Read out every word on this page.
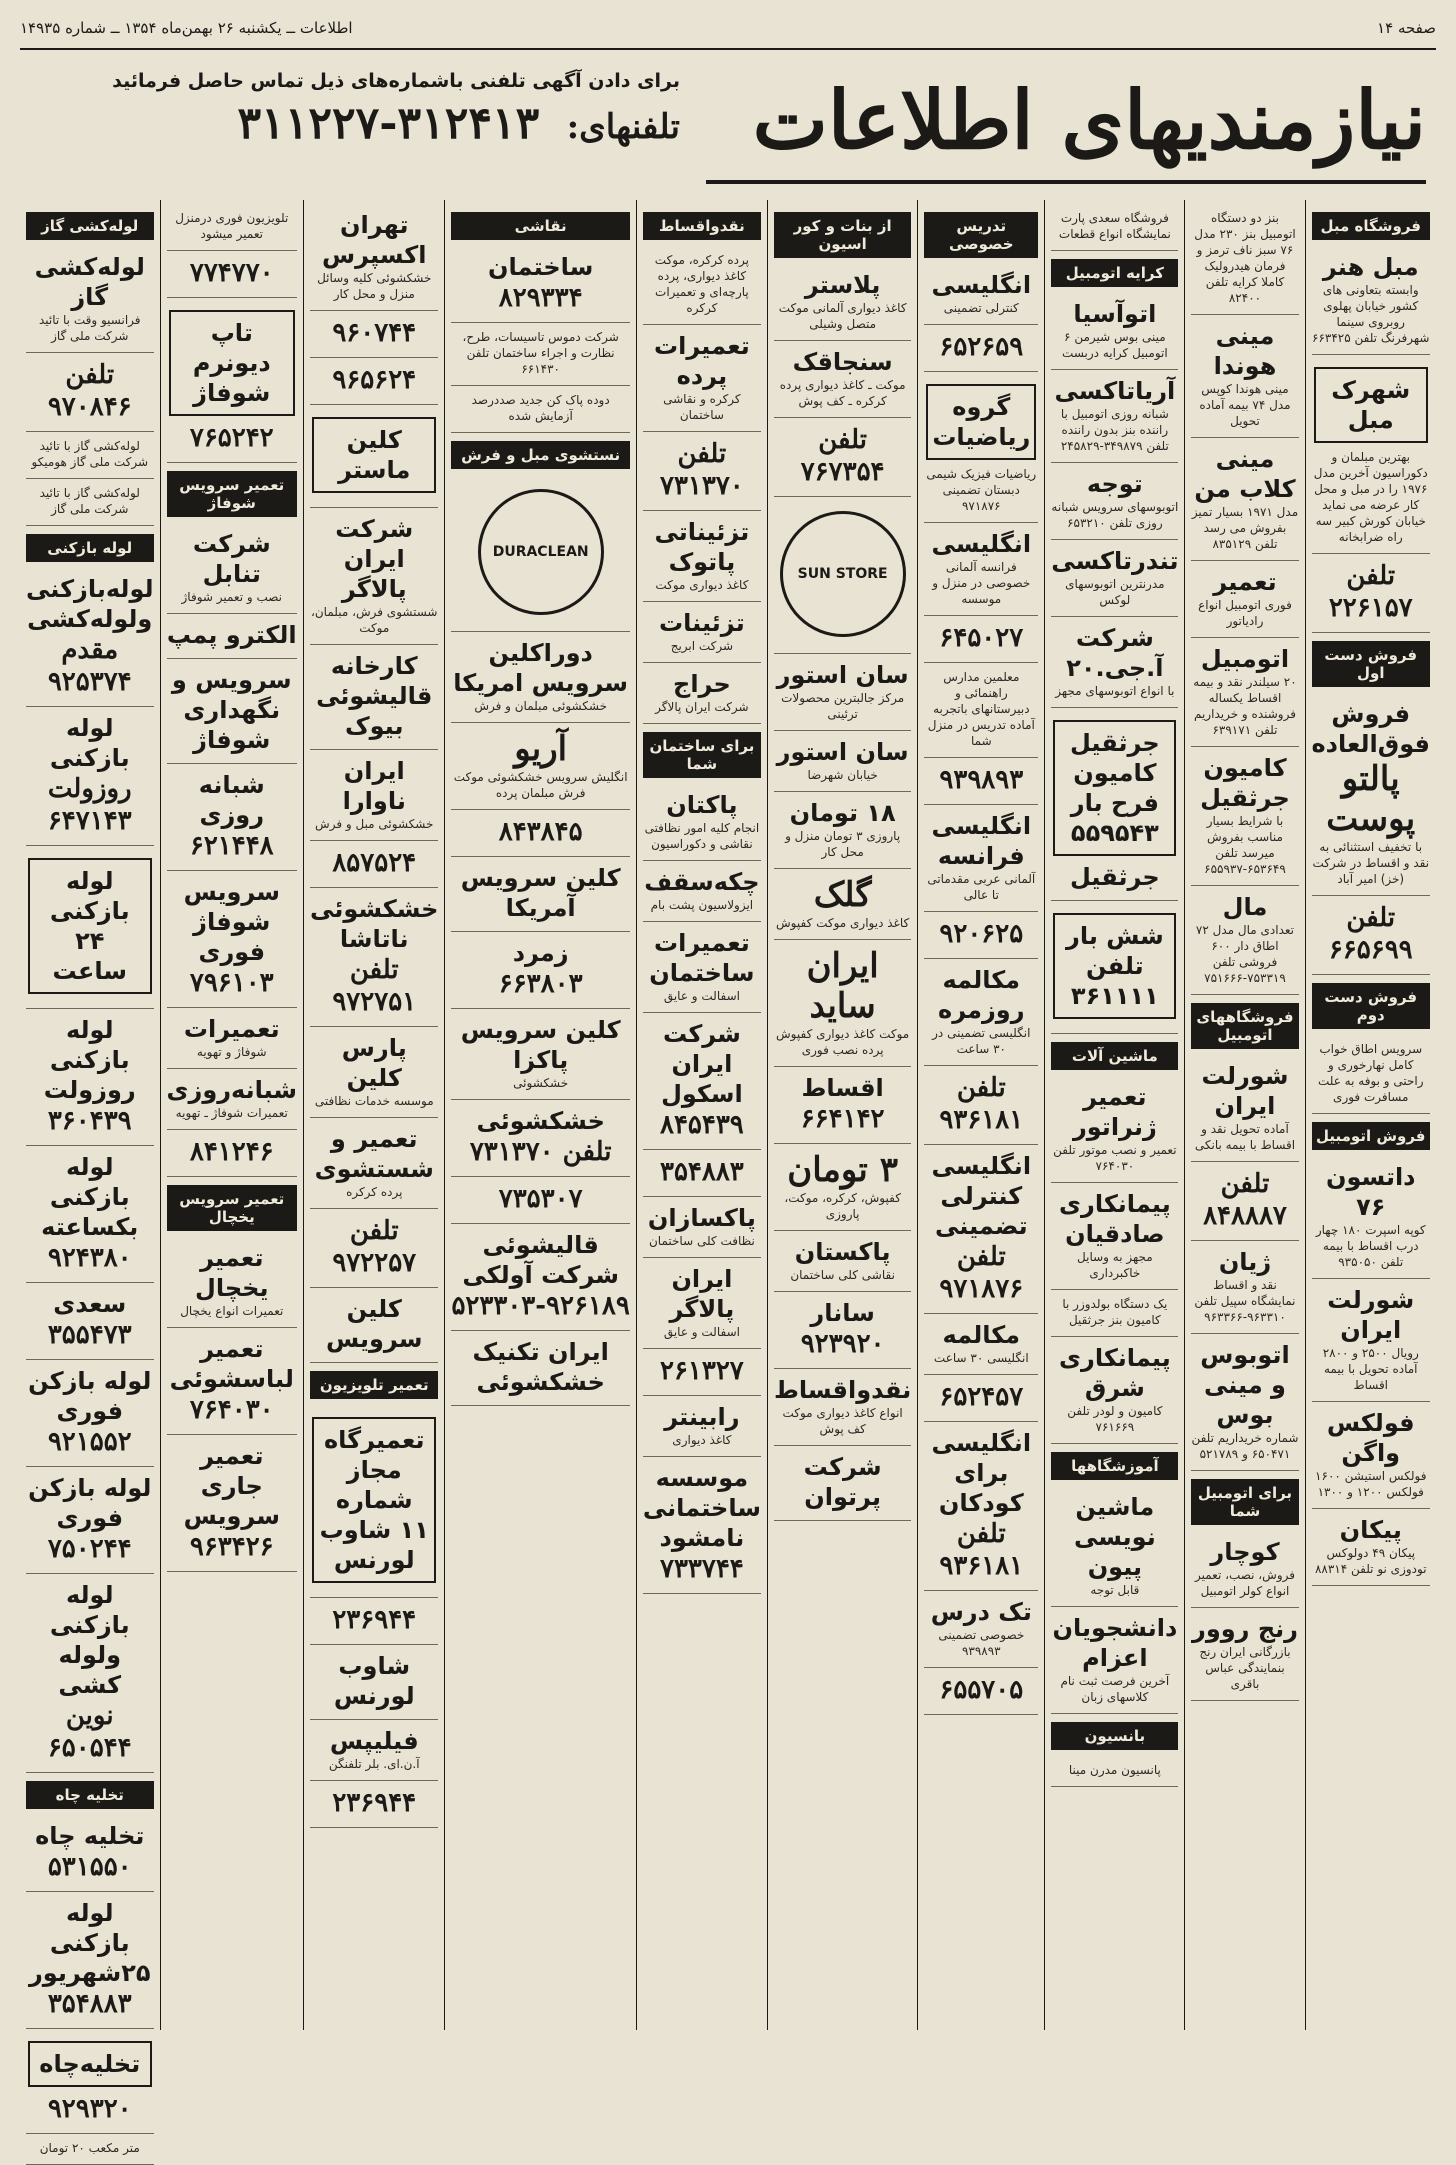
صفحه ۱۴
اطلاعات ــ یکشنبه ۲۶ بهمن‌ماه ۱۳۵۴ ــ شماره ۱۴۹۳۵
نیازمندیهای اطلاعات
برای دادن آگهی تلفنی باشماره‌های ذیل تماس حاصل فرمائید
تلفنهای: ۳۱۲۴۱۳-۳۱۱۲۲۷
فروشگاه مبل
مبل هنر
وابسته بتعاونی های کشور خیابان پهلوی روبروی سینما شهرفرنگ تلفن ۶۶۳۴۲۵
شهرک مبل
بهترین مبلمان و دکوراسیون آخرین مدل ۱۹۷۶ را در مبل و محل کار عرضه می نماید خیابان کورش کبیر سه راه ضرابخانه
تلفن ۲۲۶۱۵۷
فروش دست اول
فروش فوق‌العاده
پالتو پوست
با تخفیف استثنائی به نقد و اقساط در شرکت (خز) امیر آباد
تلفن ۶۶۵۶۹۹
فروش دست دوم
سرویس اطاق خواب کامل نهارخوری و راحتی و بوفه به علت مسافرت فوری
فروش اتومبیل
داتسون ۷۶
کوپه اسپرت ۱۸۰ چهار درب اقساط با بیمه تلفن ۹۳۵۰۵۰
شورلت ایران
رویال ۲۵۰۰ و ۲۸۰۰ آماده تحویل با بیمه اقساط
فولکس واگن
فولکس استیشن ۱۶۰۰ فولکس ۱۲۰۰ و ۱۳۰۰
پیکان
پیکان ۴۹ دولوکس تودوزی نو تلفن ۸۸۳۱۴
بنز دو دستگاه اتومبیل بنز ۲۳۰ مدل ۷۶ سبز ناف ترمز و فرمان هیدرولیک کاملا کرایه تلفن ۸۲۴۰۰
مینی هوندا
مینی هوندا کوپس مدل ۷۴ بیمه آماده تحویل
مینی کلاب من
مدل ۱۹۷۱ بسیار تمیز بفروش می رسد تلفن ۸۳۵۱۲۹
تعمیر
فوری اتومبیل انواع رادیاتور
اتومبیل
۲۰ سیلندر نقد و بیمه اقساط یکساله فروشنده و خریداریم تلفن ۶۳۹۱۷۱
کامیون جرثقیل
با شرایط بسیار مناسب بفروش میرسد تلفن ۶۵۳۶۴۹-۶۵۵۹۳۷
مال
تعدادی مال مدل ۷۲ اطاق دار ۶۰۰ فروشی تلفن ۷۵۳۳۱۹-۷۵۱۶۶۶
فروشگاههای اتومبیل
شورلت ایران
آماده تحویل نقد و اقساط با بیمه بانکی
تلفن ۸۴۸۸۸۷
ژیان
نقد و اقساط نمایشگاه سپیل تلفن ۹۶۳۳۱۰-۹۶۳۳۶۶
اتوبوس و مینی بوس
شماره خریداریم تلفن ۶۵۰۴۷۱ و ۵۲۱۷۸۹
برای اتومبیل شما
کوچار
فروش، نصب، تعمیر انواع کولر اتومبیل
رنج روور
بازرگانی ایران رنج بنمایندگی عباس باقری
فروشگاه سعدی پارت نمایشگاه انواع قطعات
کرایه اتومبیل
اتوآسیا
مینی بوس شیرمن ۶ اتومبیل کرایه دربست
آریاتاکسی
شبانه روزی اتومبیل با راننده بنز بدون راننده تلفن ۳۴۹۸۷۹-۲۴۵۸۲۹
توجه
اتوبوسهای سرویس شبانه روزی تلفن ۶۵۳۲۱۰
تندرتاکسی
مدرنترین اتوبوسهای لوکس
شرکت آ.جی.۲۰
با انواع اتوبوسهای مجهز
جرثقیل کامیون فرح بار ۵۵۹۵۴۳
جرثقیل
شش بار تلفن ۳۶۱۱۱۱
ماشین آلات
تعمیر ژنراتور
تعمیر و نصب موتور تلفن ۷۶۴۰۳۰
پیمانکاری صادقیان
مجهز به وسایل خاکبرداری
یک دستگاه بولدوزر با کامیون بنز جرثقیل
پیمانکاری شرق
کامیون و لودر تلفن ۷۶۱۶۶۹
آموزشگاهها
ماشین نویسی پیون
قابل توجه
دانشجویان اعزام
آخرین فرصت ثبت نام کلاسهای زبان
بانسیون
پانسیون مدرن مینا
تدریس خصوصی
انگلیسی
کنترلی تضمینی
۶۵۲۶۵۹
گروه ریاضیات
ریاضیات فیزیک شیمی دبستان تضمینی ۹۷۱۸۷۶
انگلیسی
فرانسه آلمانی خصوصی در منزل و موسسه
۶۴۵۰۲۷
معلمین مدارس راهنمائی و دبیرستانهای باتجربه آماده تدریس در منزل شما
۹۳۹۸۹۳
انگلیسی فرانسه
آلمانی عربی مقدماتی تا عالی
۹۲۰۶۲۵
مکالمه روزمره
انگلیسی تضمینی در ۳۰ ساعت
تلفن ۹۳۶۱۸۱
انگلیسی کنترلی تضمینی
تلفن ۹۷۱۸۷۶
مکالمه
انگلیسی ۳۰ ساعت
۶۵۲۴۵۷
انگلیسی برای کودکان
تلفن ۹۳۶۱۸۱
تک درس
خصوصی تضمینی ۹۳۹۸۹۳
۶۵۵۷۰۵
از بنات و کور اسیون
پلاستر
کاغذ دیواری آلمانی موکت متصل وشیلی
سنجاقک
موکت ـ کاغذ دیواری پرده کرکره ـ کف پوش
تلفن ۷۶۷۳۵۴
SUN STORE
سان استور
مرکز جالبترین محصولات ترئینی
سان استور
خیابان شهرضا
۱۸ تومان
پاروزی ۳ تومان منزل و محل کار
گلک
کاغذ دیواری موکت کفپوش
ایران ساید
موکت کاغذ دیواری کفپوش پرده نصب فوری
اقساط
۶۶۴۱۴۲
۳ تومان
کفپوش، کرکره، موکت، پاروزی
پاکستان
نقاشی کلی ساختمان
سانار
۹۲۳۹۲۰
نقدواقساط
انواع کاغذ دیواری موکت کف پوش
شرکت پرتوان
نقدواقساط
پرده کرکره، موکت کاغذ دیواری، پرده پارچه‌ای و تعمیرات کرکره
تعمیرات پرده
کرکره و نقاشی ساختمان
تلفن ۷۳۱۳۷۰
تزئیناتی پاتوک
کاغذ دیواری موکت
تزئینات
شرکت ابریج
حراج
شرکت ایران پالاگر
برای ساختمان شما
پاکتان
انجام کلیه امور نظافتی نقاشی و دکوراسیون
چکه‌سقف
ایزولاسیون پشت بام
تعمیرات ساختمان
اسفالت و عایق
شرکت ایران اسکول
۸۴۵۴۳۹
۳۵۴۸۸۳
پاکسازان
نظافت کلی ساختمان
ایران پالاگر
اسفالت و عایق
۲۶۱۳۲۷
رابینتر
کاغذ دیواری
موسسه ساختمانی نامشود
۷۳۳۷۴۴
نقاشی
ساختمان
۸۲۹۳۳۴
شرکت دموس تاسیسات، طرح، نظارت و اجراء ساختمان تلفن ۶۶۱۴۳۰
دوده پاک کن جدید صددرصد آزمایش شده
نستشوی مبل و فرش
DURACLEAN
دوراکلین سرویس امریکا
خشکشوئی مبلمان و فرش
آریو
انگلیش سرویس خشکشوئی موکت فرش مبلمان پرده
۸۴۳۸۴۵
کلین سرویس آمریکا
زمرد
۶۶۳۸۰۳
کلین سرویس پاکزا
خشکشوئی
خشکشوئی
تلفن ۷۳۱۳۷۰
۷۳۵۳۰۷
قالیشوئی شرکت آولکی
۵۲۳۳۰۳-۹۲۶۱۸۹
ایران تکنیک خشکشوئی
تهران اکسپرس
خشکشوئی کلیه وسائل منزل و محل کار
۹۶۰۷۴۴
۹۶۵۶۲۴
کلین ماستر
شرکت ایران پالاگر
شستشوی فرش، مبلمان، موکت
کارخانه قالیشوئی بیوک
ایران ناوارا
خشکشوئی مبل و فرش
۸۵۷۵۲۴
خشکشوئی ناتاشا
تلفن ۹۷۲۷۵۱
پارس کلین
موسسه خدمات نظافتی
تعمیر و شستشوی
پرده کرکره
تلفن ۹۷۲۲۵۷
کلین سرویس
تعمیر تلویزیون
تعمیرگاه مجاز شماره ۱۱ شاوب لورنس
۲۳۶۹۴۴
شاوب لورنس
فیلیپس
آ.ن.ای. بلر تلفنگن
۲۳۶۹۴۴
تلویزیون فوری درمنزل تعمیر میشود
۷۷۴۷۷۰
تاپ دیونرم شوفاژ
۷۶۵۲۴۲
تعمیر سرویس شوفاژ
شرکت تنابل
نصب و تعمیر شوفاژ
الکترو پمپ
سرویس و نگهداری شوفاژ
شبانه روزی
۶۲۱۴۴۸
سرویس شوفاژ فوری
۷۹۶۱۰۳
تعمیرات
شوفاژ و تهویه
شبانه‌روزی
تعمیرات شوفاژ ـ تهویه
۸۴۱۲۴۶
تعمیر سرویس یخچال
تعمیر یخچال
تعمیرات انواع یخچال
تعمیر لباسشوئی
۷۶۴۰۳۰
تعمیر جاری سرویس
۹۶۳۴۲۶
لوله‌کشی گاز
لوله‌کشی گاز
فرانسیو وقت با تائید شرکت ملی گاز
تلفن ۹۷۰۸۴۶
لوله‌کشی گاز با تائید شرکت ملی گاز هومیکو
لوله‌کشی گاز با تائید شرکت ملی گاز
لوله بازکنی
لوله‌بازکنی ولوله‌کشی
مقدم ۹۲۵۳۷۴
لوله بازکنی
روزولت ۶۴۷۱۴۳
لوله بازکنی ۲۴ ساعت
لوله بازکنی روزولت
۳۶۰۴۳۹
لوله بازکنی بکساعته
۹۲۴۳۸۰
سعدی
۳۵۵۴۷۳
لوله بازکن فوری
۹۲۱۵۵۲
لوله بازکن فوری
۷۵۰۲۴۴
لوله بازکنی ولوله کشی
نوین ۶۵۰۵۴۴
تخلیه چاه
تخلیه چاه
۵۳۱۵۵۰
لوله بازکنی ۲۵شهریور
۳۵۴۸۸۳
تخلیه‌چاه
۹۲۹۳۲۰
متر مکعب ۲۰ تومان
